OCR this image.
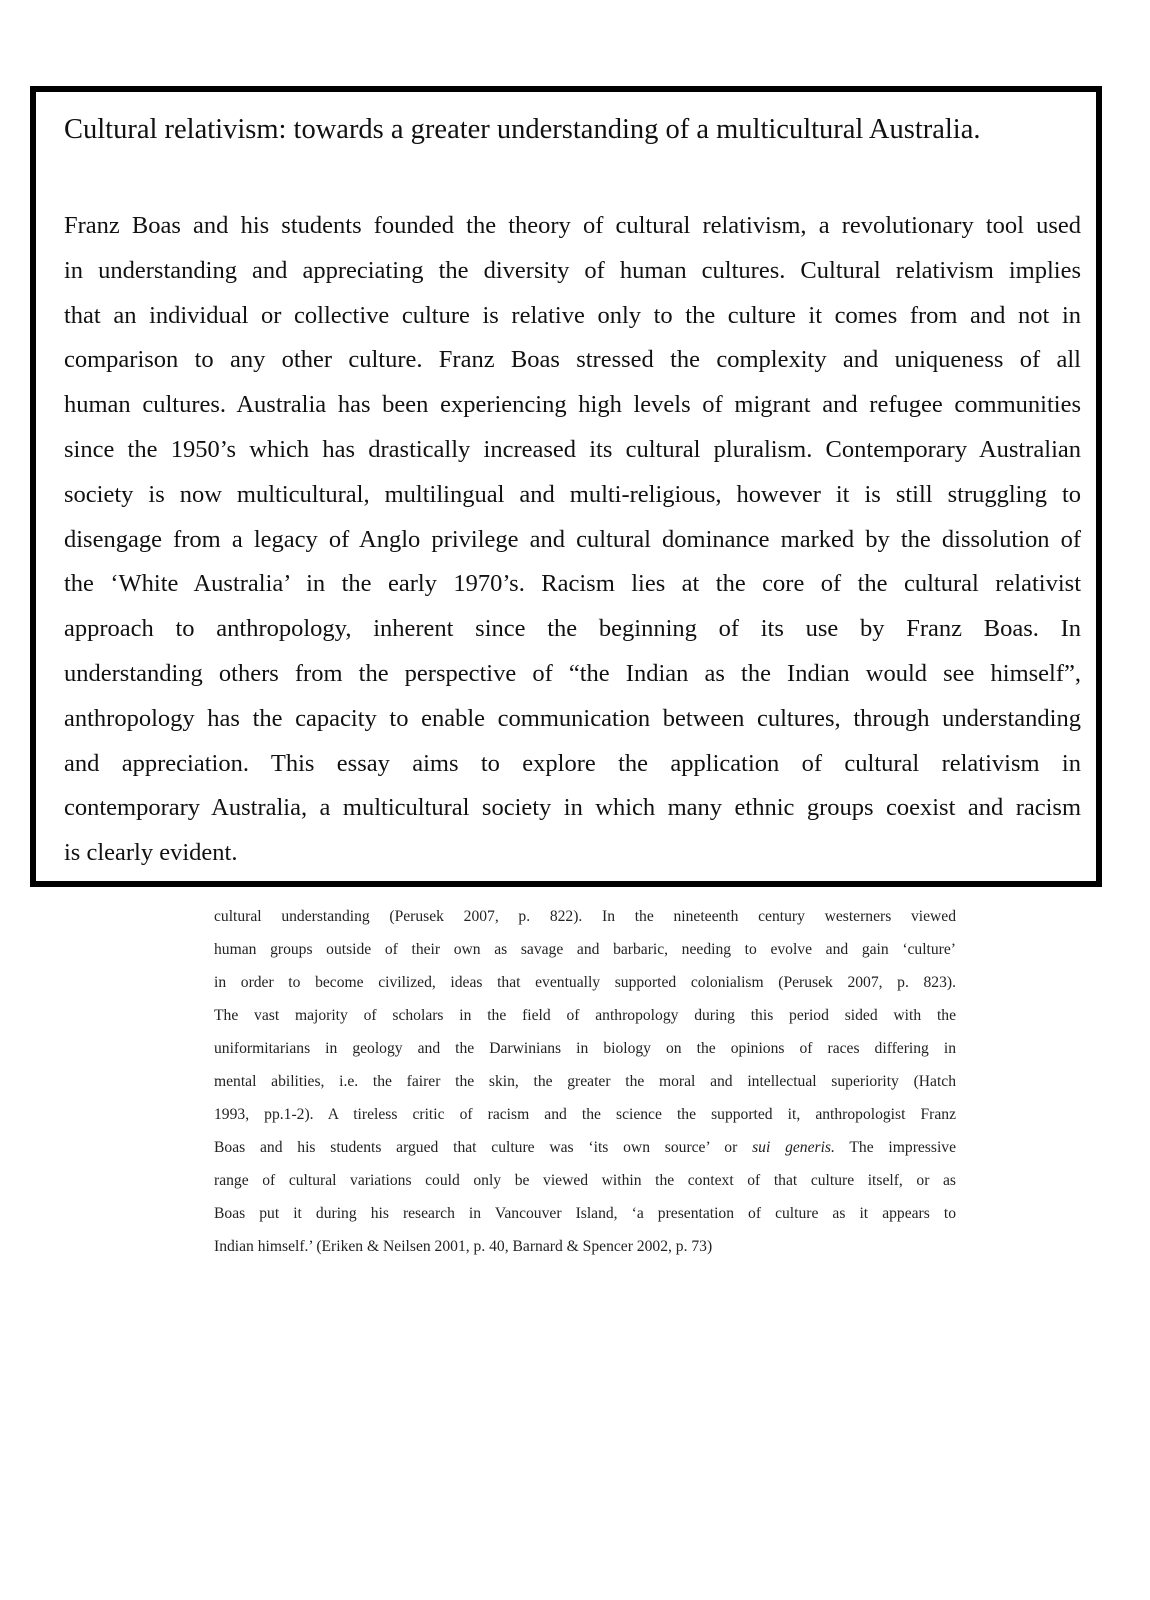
cultural understanding (Perusek 2007, p. 822). In the nineteenth century westerners viewed

human groups outside of their own as savage and barbaric, needing to evolve and gain ‘culture’

in order to become civilized, ideas that eventually supported colonialism (Perusek 2007, p. 823).

The vast majority of scholars in the field of anthropology during this period sided with the

uniformitarians in geology and the Darwinians in biology on the opinions of races differing in

mental abilities, i.e. the fairer the skin, the greater the moral and intellectual superiority (Hatch

1993, pp.1-2). A tireless critic of racism and the science the supported it, anthropologist Franz

Boas and his students argued that culture was ‘its own source’ or sui generis. The impressive

range of cultural variations could only be viewed within the context of that culture itself, or as

Boas put it during his research in Vancouver Island, ‘a presentation of culture as it appears to

Indian himself.’ (Eriken & Neilsen 2001, p. 40, Barnard & Spencer 2002, p. 73)

Cultural relativism: towards a greater understanding of a multicultural Australia.

Franz Boas and his students founded the theory of cultural relativism, a revolutionary tool used

in understanding and appreciating the diversity of human cultures. Cultural relativism implies

that an individual or collective culture is relative only to the culture it comes from and not in

comparison to any other culture. Franz Boas stressed the complexity and uniqueness of all

human cultures. Australia has been experiencing high levels of migrant and refugee communities

since the 1950’s which has drastically increased its cultural pluralism. Contemporary Australian

society is now multicultural, multilingual and multi-religious, however it is still struggling to

disengage from a legacy of Anglo privilege and cultural dominance marked by the dissolution of

the ‘White Australia’ in the early 1970’s. Racism lies at the core of the cultural relativist

approach to anthropology, inherent since the beginning of its use by Franz Boas. In

understanding others from the perspective of “the Indian as the Indian would see himself”,

anthropology has the capacity to enable communication between cultures, through understanding

and appreciation. This essay aims to explore the application of cultural relativism in

contemporary Australia, a multicultural society in which many ethnic groups coexist and racism

is clearly evident.
